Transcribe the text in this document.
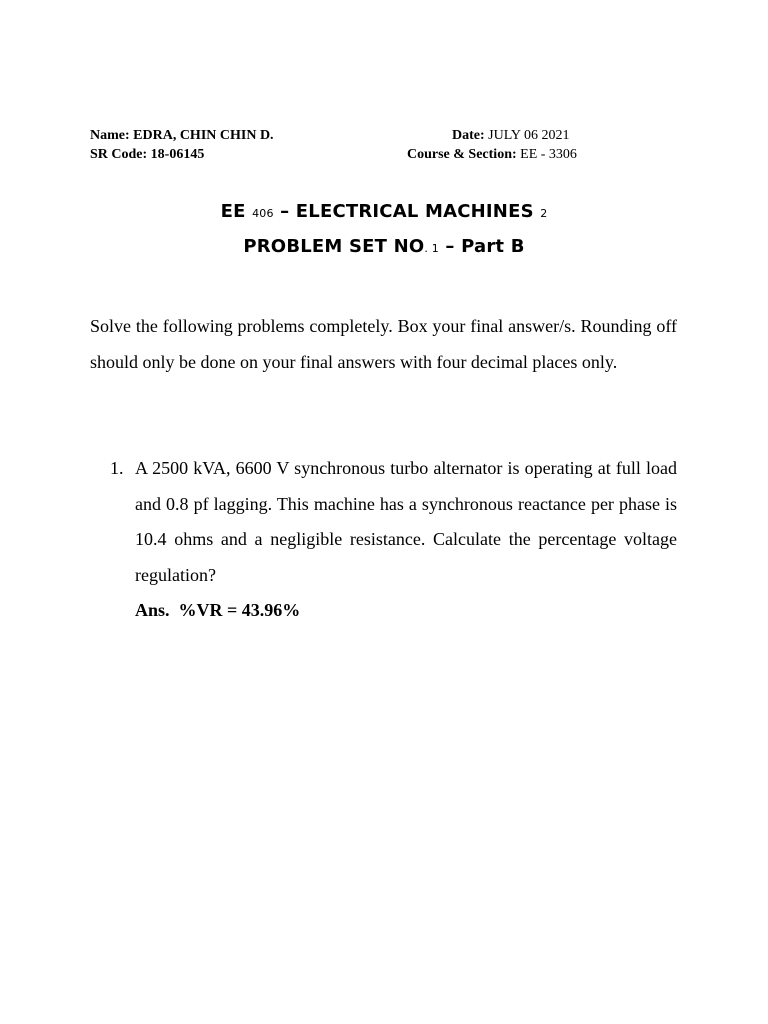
Name: EDRA, CHIN CHIN D.	Date: JULY 06 2021
SR Code: 18-06145	Course & Section: EE - 3306
EE 406 – ELECTRICAL MACHINES 2
PROBLEM SET NO. 1 – Part B
Solve the following problems completely. Box your final answer/s. Rounding off should only be done on your final answers with four decimal places only.
1. A 2500 kVA, 6600 V synchronous turbo alternator is operating at full load and 0.8 pf lagging. This machine has a synchronous reactance per phase is 10.4 ohms and a negligible resistance. Calculate the percentage voltage regulation?
Ans.  %VR = 43.96%
